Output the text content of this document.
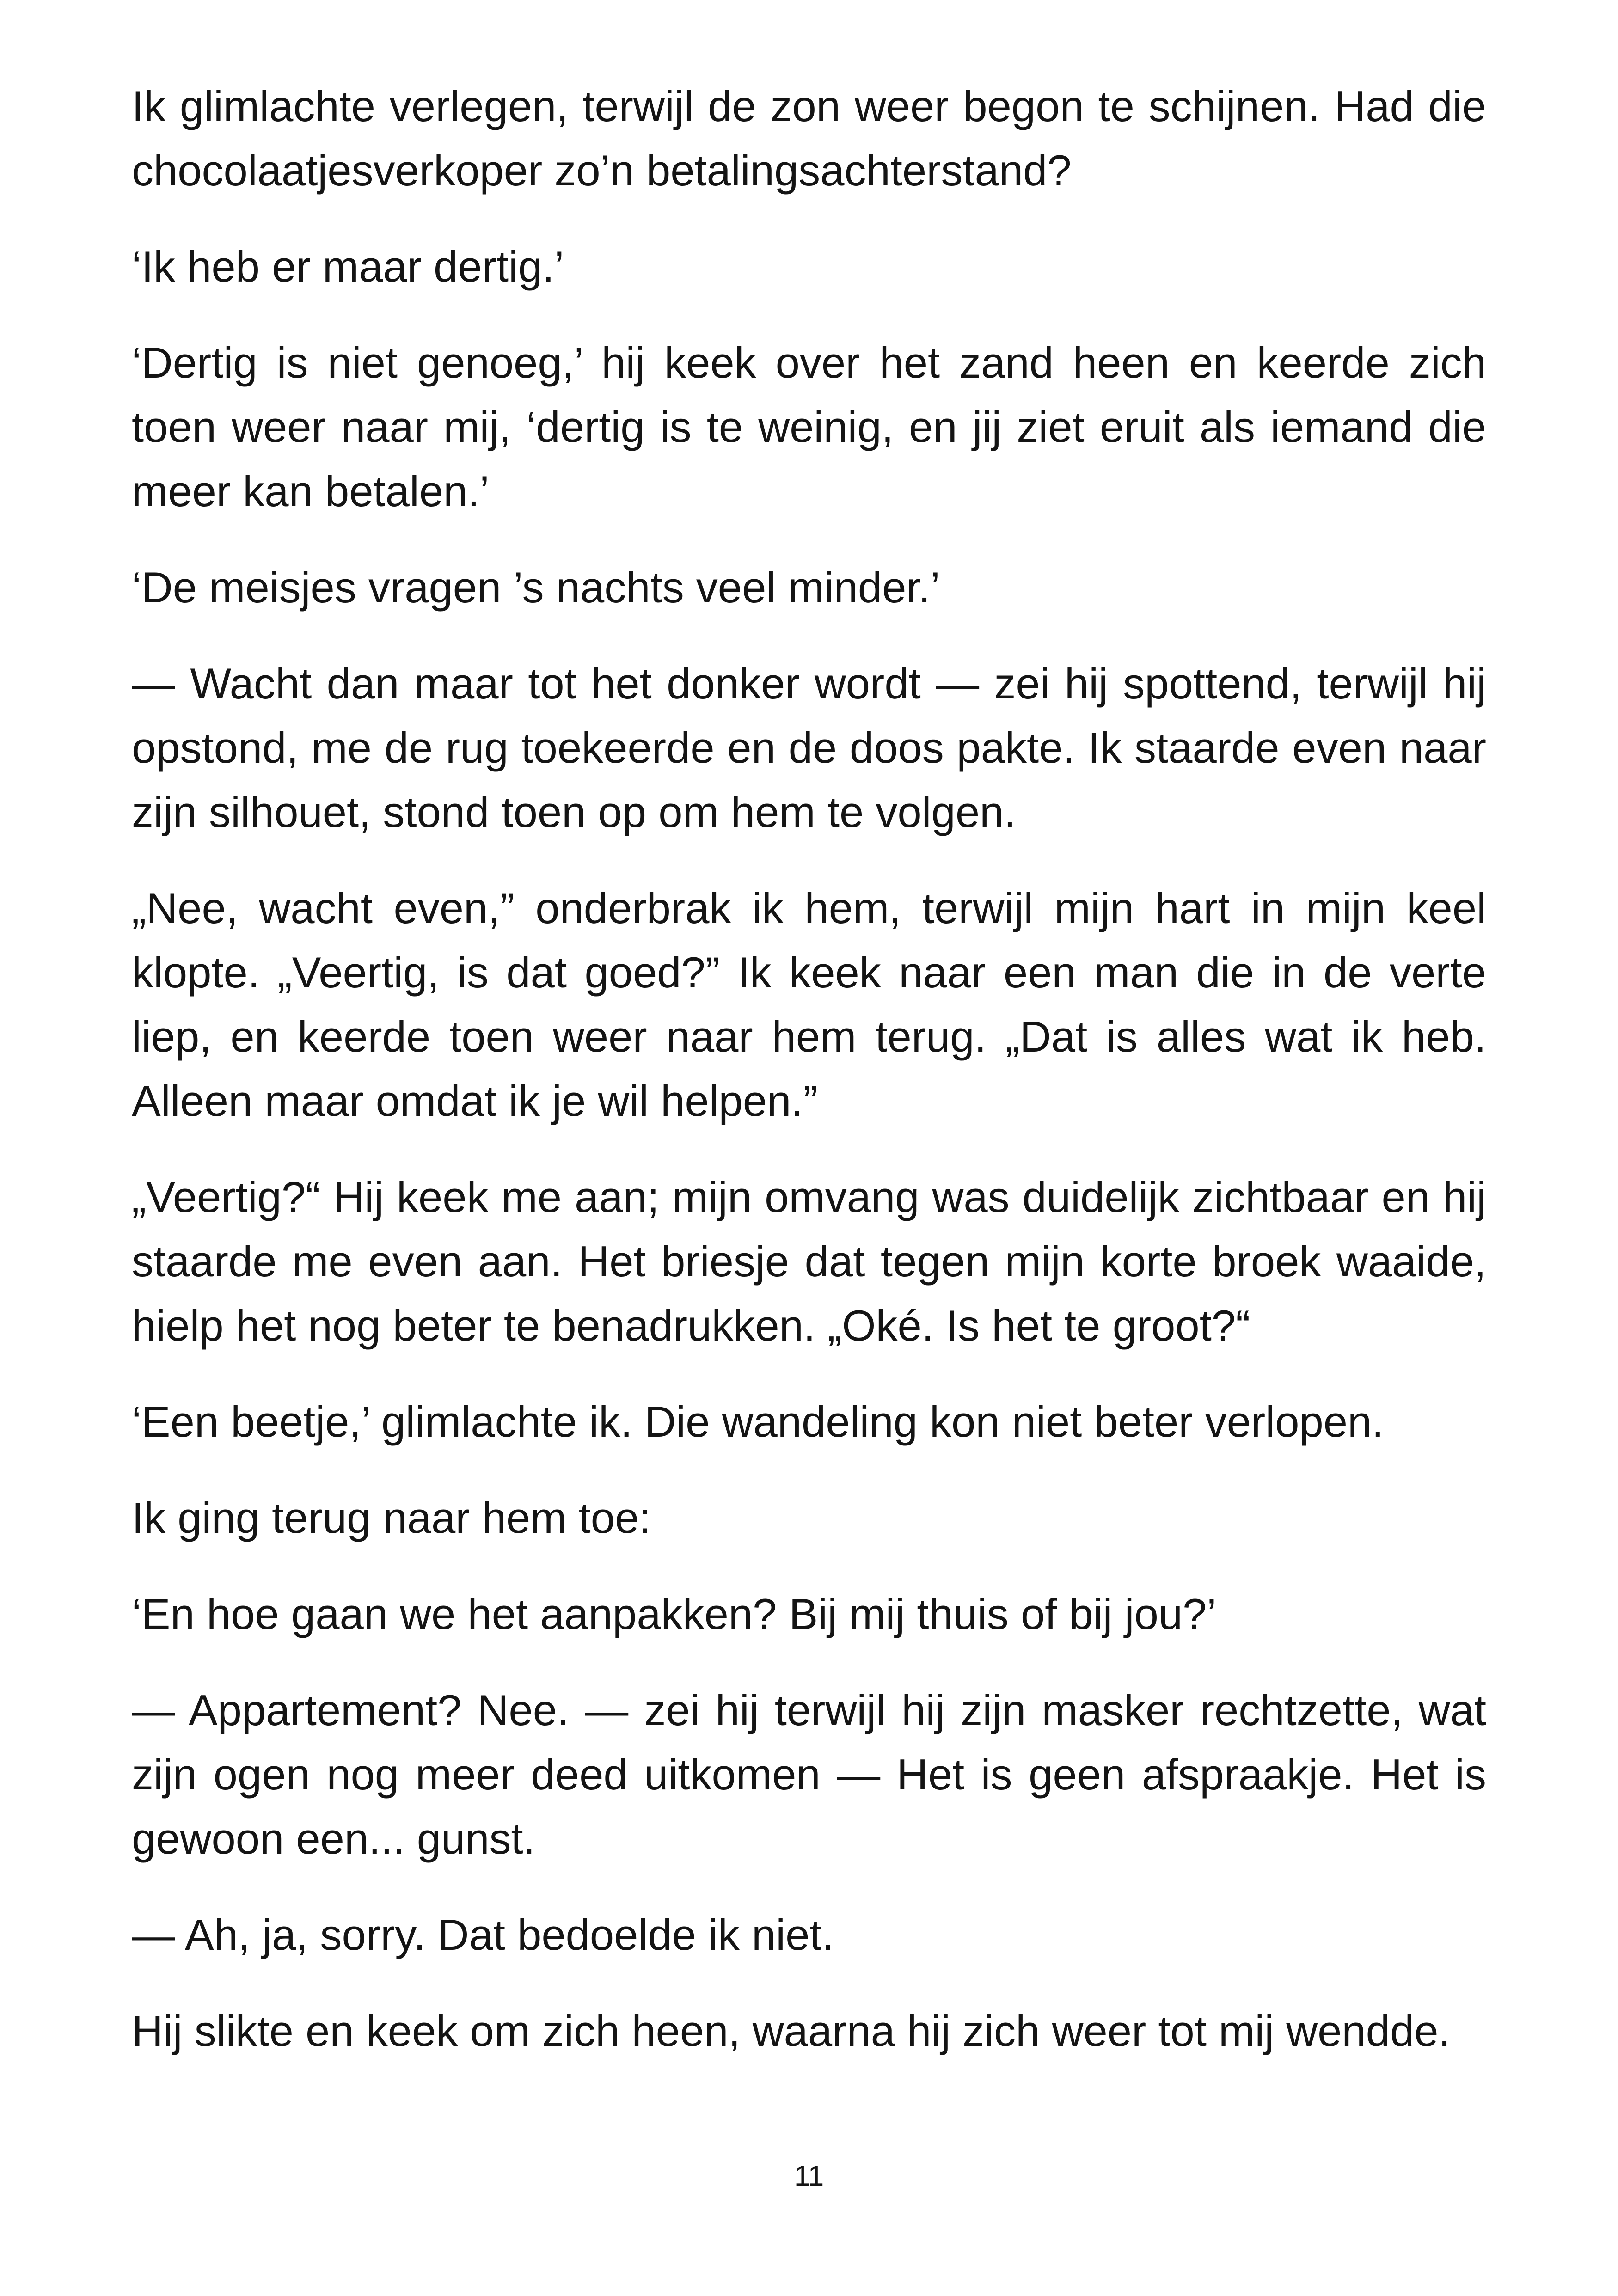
Ik glimlachte verlegen, terwijl de zon weer begon te schijnen. Had die chocolaatjesverkoper zo’n betalingsachterstand?

‘Ik heb er maar dertig.’

‘Dertig is niet genoeg,’ hij keek over het zand heen en keerde zich toen weer naar mij, ‘dertig is te weinig, en jij ziet eruit als iemand die meer kan betalen.’

‘De meisjes vragen ’s nachts veel minder.’

— Wacht dan maar tot het donker wordt — zei hij spottend, terwijl hij opstond, me de rug toekeerde en de doos pakte. Ik staarde even naar zijn silhouet, stond toen op om hem te volgen.

„Nee, wacht even,” onderbrak ik hem, terwijl mijn hart in mijn keel klopte. „Veertig, is dat goed?” Ik keek naar een man die in de verte liep, en keerde toen weer naar hem terug. „Dat is alles wat ik heb. Alleen maar omdat ik je wil helpen.”

„Veertig?“ Hij keek me aan; mijn omvang was duidelijk zichtbaar en hij staarde me even aan. Het briesje dat tegen mijn korte broek waaide, hielp het nog beter te benadrukken. „Oké. Is het te groot?“

‘Een beetje,’ glimlachte ik. Die wandeling kon niet beter verlopen.

Ik ging terug naar hem toe:

‘En hoe gaan we het aanpakken? Bij mij thuis of bij jou?’

— Appartement? Nee. — zei hij terwijl hij zijn masker rechtzette, wat zijn ogen nog meer deed uitkomen — Het is geen afspraakje. Het is gewoon een... gunst.

— Ah, ja, sorry. Dat bedoelde ik niet.

Hij slikte en keek om zich heen, waarna hij zich weer tot mij wendde.

11
